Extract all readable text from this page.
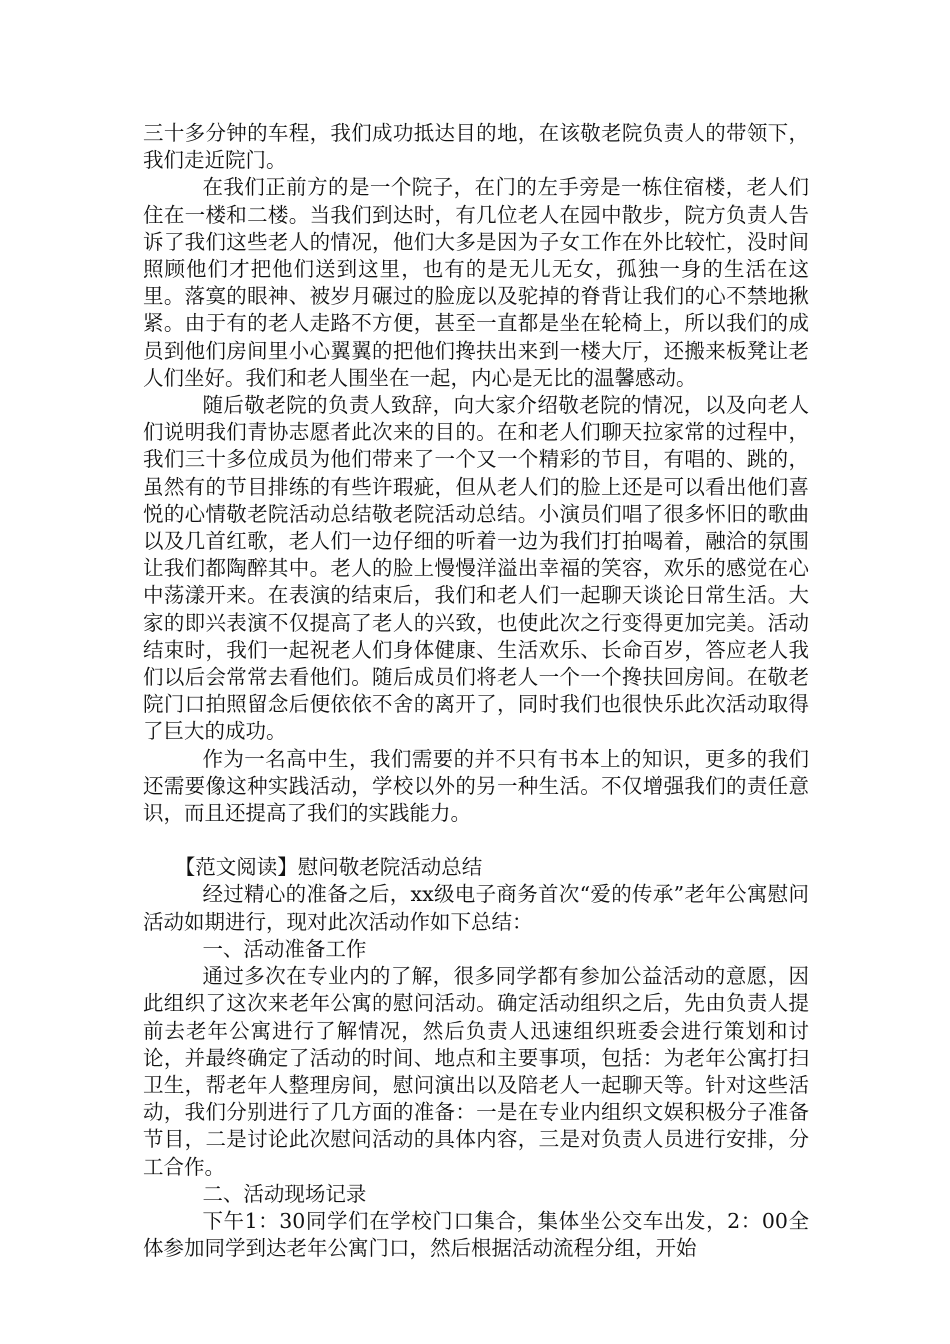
三十多分钟的车程，我们成功抵达目的地，在该敬老院负责人的带领下，我们走近院门。

在我们正前方的是一个院子，在门的左手旁是一栋住宿楼，老人们住在一楼和二楼。当我们到达时，有几位老人在园中散步，院方负责人告诉了我们这些老人的情况，他们大多是因为子女工作在外比较忙，没时间照顾他们才把他们送到这里，也有的是无儿无女，孤独一身的生活在这里。落寞的眼神、被岁月碾过的脸庞以及驼掉的脊背让我们的心不禁地揪紧。由于有的老人走路不方便，甚至一直都是坐在轮椅上，所以我们的成员到他们房间里小心翼翼的把他们搀扶出来到一楼大厅，还搬来板凳让老人们坐好。我们和老人围坐在一起，内心是无比的温馨感动。

随后敬老院的负责人致辞，向大家介绍敬老院的情况，以及向老人们说明我们青协志愿者此次来的目的。在和老人们聊天拉家常的过程中，我们三十多位成员为他们带来了一个又一个精彩的节目，有唱的、跳的，虽然有的节目排练的有些许瑕疵，但从老人们的脸上还是可以看出他们喜悦的心情敬老院活动总结敬老院活动总结。小演员们唱了很多怀旧的歌曲以及几首红歌，老人们一边仔细的听着一边为我们打拍喝着，融洽的氛围让我们都陶醉其中。老人的脸上慢慢洋溢出幸福的笑容，欢乐的感觉在心中荡漾开来。在表演的结束后，我们和老人们一起聊天谈论日常生活。大家的即兴表演不仅提高了老人的兴致，也使此次之行变得更加完美。活动结束时，我们一起祝老人们身体健康、生活欢乐、长命百岁，答应老人我们以后会常常去看他们。随后成员们将老人一个一个搀扶回房间。在敬老院门口拍照留念后便依依不舍的离开了，同时我们也很快乐此次活动取得了巨大的成功。

作为一名高中生，我们需要的并不只有书本上的知识，更多的我们还需要像这种实践活动，学校以外的另一种生活。不仅增强我们的责任意识，而且还提高了我们的实践能力。

【范文阅读】慰问敬老院活动总结

经过精心的准备之后，xx级电子商务首次“爱的传承”老年公寓慰问活动如期进行，现对此次活动作如下总结：

一、活动准备工作

通过多次在专业内的了解，很多同学都有参加公益活动的意愿，因此组织了这次来老年公寓的慰问活动。确定活动组织之后，先由负责人提前去老年公寓进行了解情况，然后负责人迅速组织班委会进行策划和讨论，并最终确定了活动的时间、地点和主要事项，包括：为老年公寓打扫卫生，帮老年人整理房间，慰问演出以及陪老人一起聊天等。针对这些活动，我们分别进行了几方面的准备：一是在专业内组织文娱积极分子准备节目，二是讨论此次慰问活动的具体内容，三是对负责人员进行安排，分工合作。

二、活动现场记录

下午1：30同学们在学校门口集合，集体坐公交车出发，2：00全体参加同学到达老年公寓门口，然后根据活动流程分组，开始
